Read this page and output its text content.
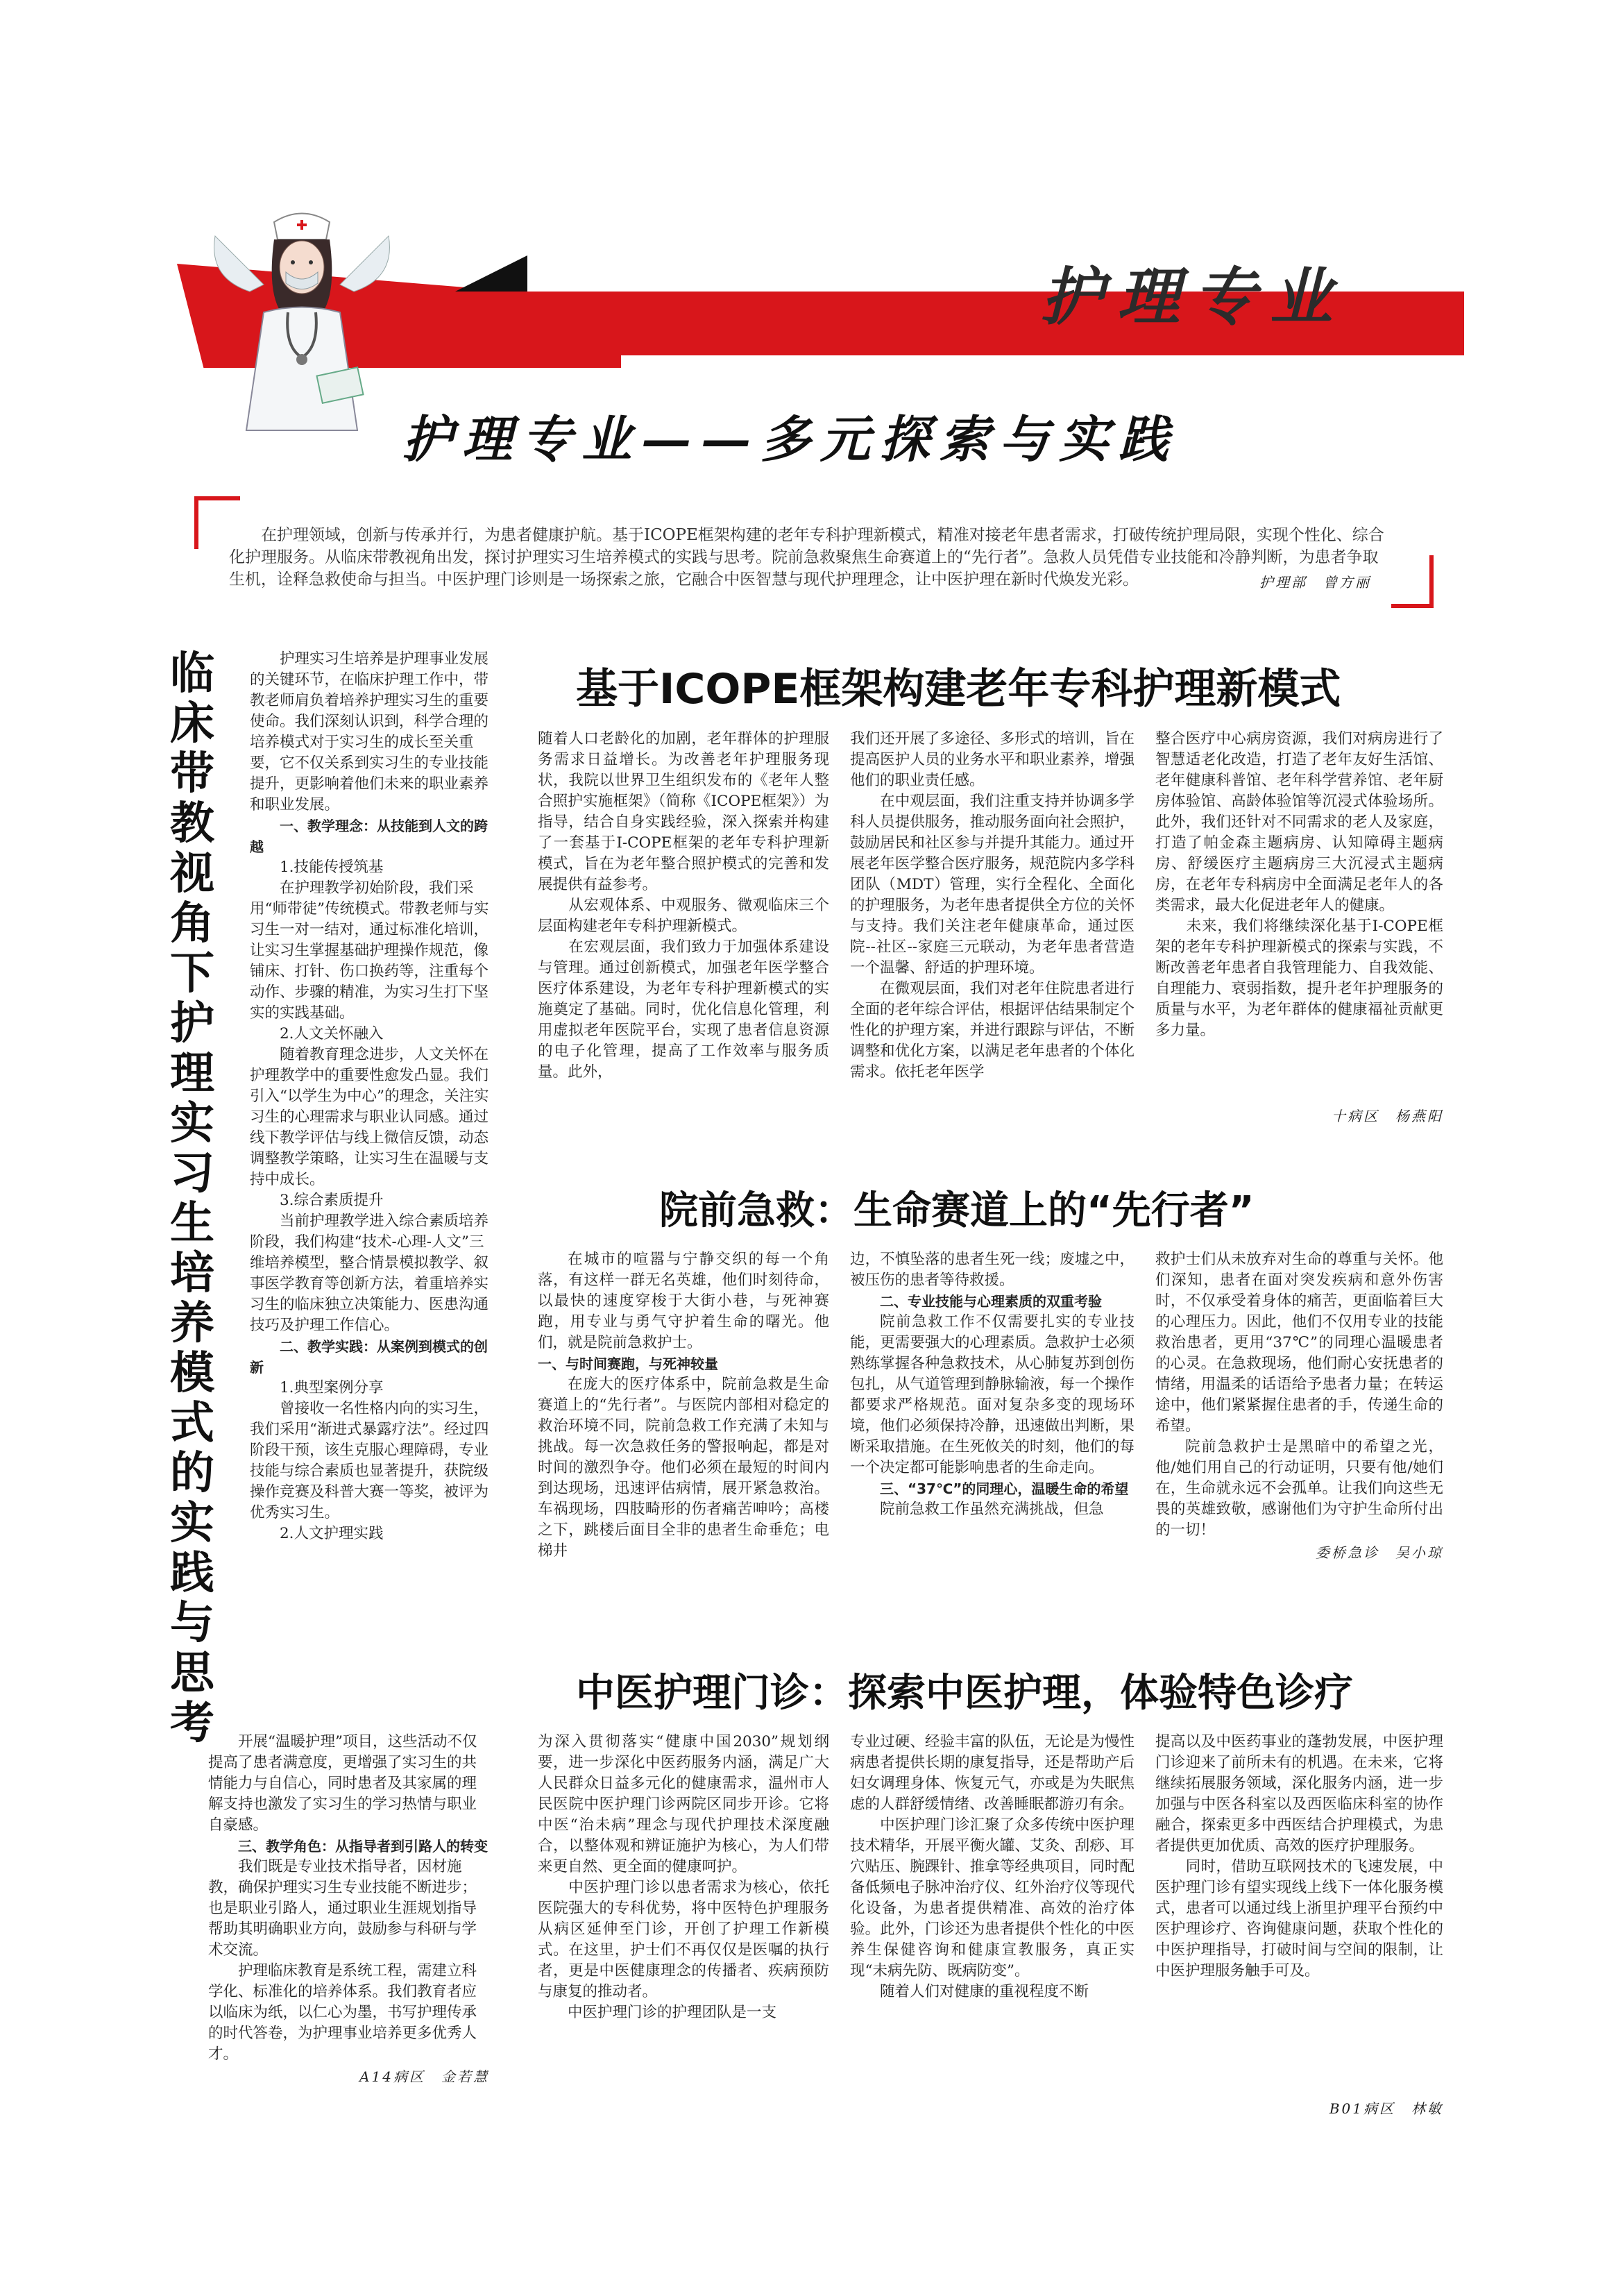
护理专业
护理专业——多元探索与实践
在护理领域，创新与传承并行，为患者健康护航。基于ICOPE框架构建的老年专科护理新模式，精准对接老年患者需求，打破传统护理局限，实现个性化、综合化护理服务。从临床带教视角出发，探讨护理实习生培养模式的实践与思考。院前急救聚焦生命赛道上的“先行者”。急救人员凭借专业技能和冷静判断，为患者争取生机，诠释急救使命与担当。中医护理门诊则是一场探索之旅，它融合中医智慧与现代护理理念，让中医护理在新时代焕发光彩。	护理部　曾方丽
临床带教视角下护理实习生培养模式的实践与思考

护理实习生培养是护理事业发展的关键环节，在临床护理工作中，带教老师肩负着培养护理实习生的重要使命。我们深刻认识到，科学合理的培养模式对于实习生的成长至关重要，它不仅关系到实习生的专业技能提升，更影响着他们未来的职业素养和职业发展。

一、教学理念：从技能到人文的跨越

1.技能传授筑基

在护理教学初始阶段，我们采用“师带徒”传统模式。带教老师与实习生一对一结对，通过标准化培训，让实习生掌握基础护理操作规范，像铺床、打针、伤口换药等，注重每个动作、步骤的精准，为实习生打下坚实的实践基础。

2.人文关怀融入

随着教育理念进步，人文关怀在护理教学中的重要性愈发凸显。我们引入“以学生为中心”的理念，关注实习生的心理需求与职业认同感。通过线下教学评估与线上微信反馈，动态调整教学策略，让实习生在温暖与支持中成长。

3.综合素质提升

当前护理教学进入综合素质培养阶段，我们构建“技术-心理-人文”三维培养模型，整合情景模拟教学、叙事医学教育等创新方法，着重培养实习生的临床独立决策能力、医患沟通技巧及护理工作信心。

二、教学实践：从案例到模式的创新

1.典型案例分享

曾接收一名性格内向的实习生，我们采用“渐进式暴露疗法”。经过四阶段干预，该生克服心理障碍，专业技能与综合素质也显著提升，获院级操作竞赛及科普大赛一等奖，被评为优秀实习生。

2.人文护理实践

开展“温暖护理”项目，这些活动不仅提高了患者满意度，更增强了实习生的共情能力与自信心，同时患者及其家属的理解支持也激发了实习生的学习热情与职业自豪感。

三、教学角色：从指导者到引路人的转变

我们既是专业技术指导者，因材施教，确保护理实习生专业技能不断进步；也是职业引路人，通过职业生涯规划指导帮助其明确职业方向，鼓励参与科研与学术交流。

护理临床教育是系统工程，需建立科学化、标准化的培养体系。我们教育者应以临床为纸，以仁心为墨，书写护理传承的时代答卷，为护理事业培养更多优秀人才。

A14病区　金若慧

基于ICOPE框架构建老年专科护理新模式
随着人口老龄化的加剧，老年群体的护理服务需求日益增长。为改善老年护理服务现状，我院以世界卫生组织发布的《老年人整合照护实施框架》（简称《ICOPE框架》）为指导，结合自身实践经验，深入探索并构建了一套基于I-COPE框架的老年专科护理新模式，旨在为老年整合照护模式的完善和发展提供有益参考。
　　从宏观体系、中观服务、微观临床三个层面构建老年专科护理新模式。
　　在宏观层面，我们致力于加强体系建设与管理。通过创新模式，加强老年医学整合医疗体系建设，为老年专科护理新模式的实施奠定了基础。同时，优化信息化管理，利用虚拟老年医院平台，实现了患者信息资源的电子化管理，提高了工作效率与服务质量。此外，
我们还开展了多途径、多形式的培训，旨在提高医护人员的业务水平和职业素养，增强他们的职业责任感。
　　在中观层面，我们注重支持并协调多学科人员提供服务，推动服务面向社会照护，鼓励居民和社区参与并提升其能力。通过开展老年医学整合医疗服务，规范院内多学科团队（MDT）管理，实行全程化、全面化的护理服务，为老年患者提供全方位的关怀与支持。我们关注老年健康革命，通过医院--社区--家庭三元联动，为老年患者营造一个温馨、舒适的护理环境。
　　在微观层面，我们对老年住院患者进行全面的老年综合评估，根据评估结果制定个性化的护理方案，并进行跟踪与评估，不断调整和优化方案，以满足老年患者的个体化需求。依托老年医学
整合医疗中心病房资源，我们对病房进行了智慧适老化改造，打造了老年友好生活馆、老年健康科普馆、老年科学营养馆、老年厨房体验馆、高龄体验馆等沉浸式体验场所。此外，我们还针对不同需求的老人及家庭，打造了帕金森主题病房、认知障碍主题病房、舒缓医疗主题病房三大沉浸式主题病房，在老年专科病房中全面满足老年人的各类需求，最大化促进老年人的健康。
　　未来，我们将继续深化基于I-COPE框架的老年专科护理新模式的探索与实践，不断改善老年患者自我管理能力、自我效能、自理能力、衰弱指数，提升老年护理服务的质量与水平，为老年群体的健康福祉贡献更多力量。
十病区　杨燕阳
院前急救：生命赛道上的“先行者”

在城市的喧嚣与宁静交织的每一个角落，有这样一群无名英雄，他们时刻待命，以最快的速度穿梭于大街小巷，与死神赛跑，用专业与勇气守护着生命的曙光。他们，就是院前急救护士。

一、与时间赛跑，与死神较量

在庞大的医疗体系中，院前急救是生命赛道上的“先行者”。与医院内部相对稳定的救治环境不同，院前急救工作充满了未知与挑战。每一次急救任务的警报响起，都是对时间的激烈争夺。他们必须在最短的时间内到达现场，迅速评估病情，展开紧急救治。车祸现场，四肢畸形的伤者痛苦呻吟；高楼之下，跳楼后面目全非的患者生命垂危；电梯井

边，不慎坠落的患者生死一线；废墟之中，被压伤的患者等待救援。

二、专业技能与心理素质的双重考验

院前急救工作不仅需要扎实的专业技能，更需要强大的心理素质。急救护士必须熟练掌握各种急救技术，从心肺复苏到创伤包扎，从气道管理到静脉输液，每一个操作都要求严格规范。面对复杂多变的现场环境，他们必须保持冷静，迅速做出判断，果断采取措施。在生死攸关的时刻，他们的每一个决定都可能影响患者的生命走向。

三、“37℃”的同理心，温暖生命的希望

院前急救工作虽然充满挑战，但急

救护士们从未放弃对生命的尊重与关怀。他们深知，患者在面对突发疾病和意外伤害时，不仅承受着身体的痛苦，更面临着巨大的心理压力。因此，他们不仅用专业的技能救治患者，更用“37℃”的同理心温暖患者的心灵。在急救现场，他们耐心安抚患者的情绪，用温柔的话语给予患者力量；在转运途中，他们紧紧握住患者的手，传递生命的希望。

院前急救护士是黑暗中的希望之光，他/她们用自己的行动证明，只要有他/她们在，生命就永远不会孤单。让我们向这些无畏的英雄致敬，感谢他们为守护生命所付出的一切！

委桥急诊　吴小琼

中医护理门诊：探索中医护理，体验特色诊疗
为深入贯彻落实“健康中国2030”规划纲要，进一步深化中医药服务内涵，满足广大人民群众日益多元化的健康需求，温州市人民医院中医护理门诊两院区同步开诊。它将中医“治未病”理念与现代护理技术深度融合，以整体观和辨证施护为核心，为人们带来更自然、更全面的健康呵护。
　　中医护理门诊以患者需求为核心，依托医院强大的专科优势，将中医特色护理服务从病区延伸至门诊，开创了护理工作新模式。在这里，护士们不再仅仅是医嘱的执行者，更是中医健康理念的传播者、疾病预防与康复的推动者。
　　中医护理门诊的护理团队是一支
专业过硬、经验丰富的队伍，无论是为慢性病患者提供长期的康复指导，还是帮助产后妇女调理身体、恢复元气，亦或是为失眠焦虑的人群舒缓情绪、改善睡眠都游刃有余。
　　中医护理门诊汇聚了众多传统中医护理技术精华，开展平衡火罐、艾灸、刮痧、耳穴贴压、腕踝针、推拿等经典项目，同时配备低频电子脉冲治疗仪、红外治疗仪等现代化设备，为患者提供精准、高效的治疗体验。此外，门诊还为患者提供个性化的中医养生保健咨询和健康宣教服务，真正实现“未病先防、既病防变”。
　　随着人们对健康的重视程度不断
提高以及中医药事业的蓬勃发展，中医护理门诊迎来了前所未有的机遇。在未来，它将继续拓展服务领域，深化服务内涵，进一步加强与中医各科室以及西医临床科室的协作融合，探索更多中西医结合护理模式，为患者提供更加优质、高效的医疗护理服务。
　　同时，借助互联网技术的飞速发展，中医护理门诊有望实现线上线下一体化服务模式，患者可以通过线上浙里护理平台预约中医护理诊疗、咨询健康问题，获取个性化的中医护理指导，打破时间与空间的限制，让中医护理服务触手可及。
B01病区　林敏
